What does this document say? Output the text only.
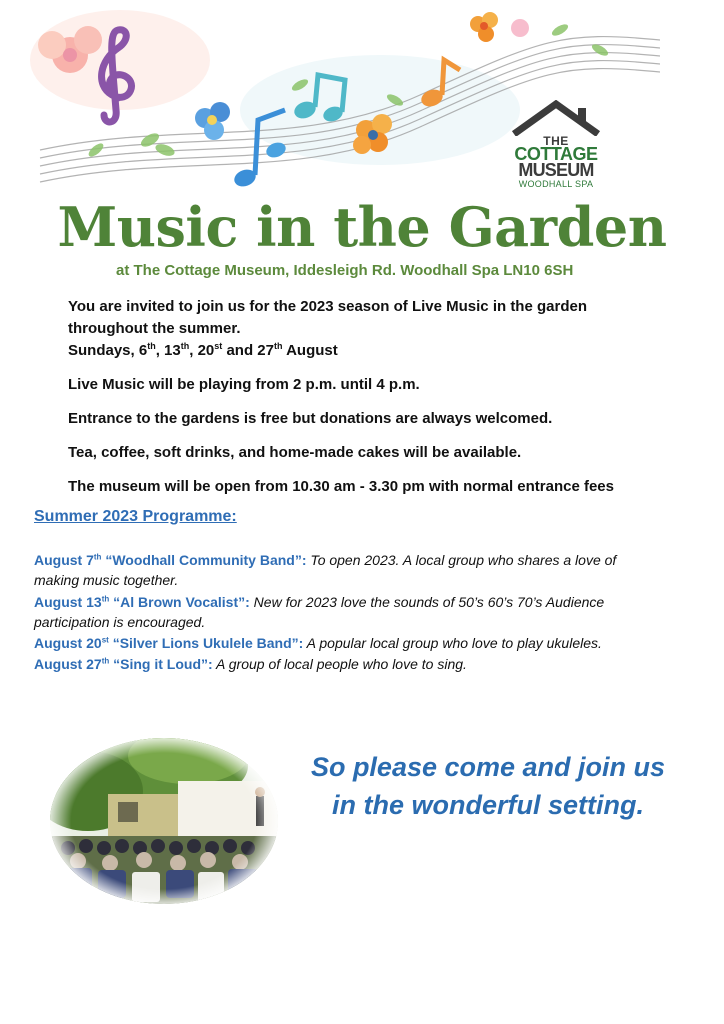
THE
COTTAGE
MUSEUM
WOODHALL SPA
Music in the Garden
at The Cottage Museum, Iddesleigh Rd. Woodhall Spa LN10 6SH
You are invited to join us for the 2023 season of Live Music in the garden
throughout the summer.
Sundays, 6th, 13th, 20st and 27th August
Live Music will be playing from 2 p.m. until 4 p.m.
Entrance to the gardens is free but donations are always welcomed.
Tea, coffee, soft drinks, and home-made cakes will be available.
The museum will be open from 10.30 am - 3.30 pm with normal entrance fees
Summer 2023 Programme:
August 7th “Woodhall Community Band”: To open 2023. A local group who shares a love of
making music together.
August 13th “Al Brown Vocalist”: New for 2023 love the sounds of 50’s 60’s 70’s Audience
participation is encouraged.
August 20st “Silver Lions Ukulele Band”: A popular local group who love to play ukuleles.
August 27th “Sing it Loud”: A group of local people who love to sing.
So please come and join us
in the wonderful setting.
